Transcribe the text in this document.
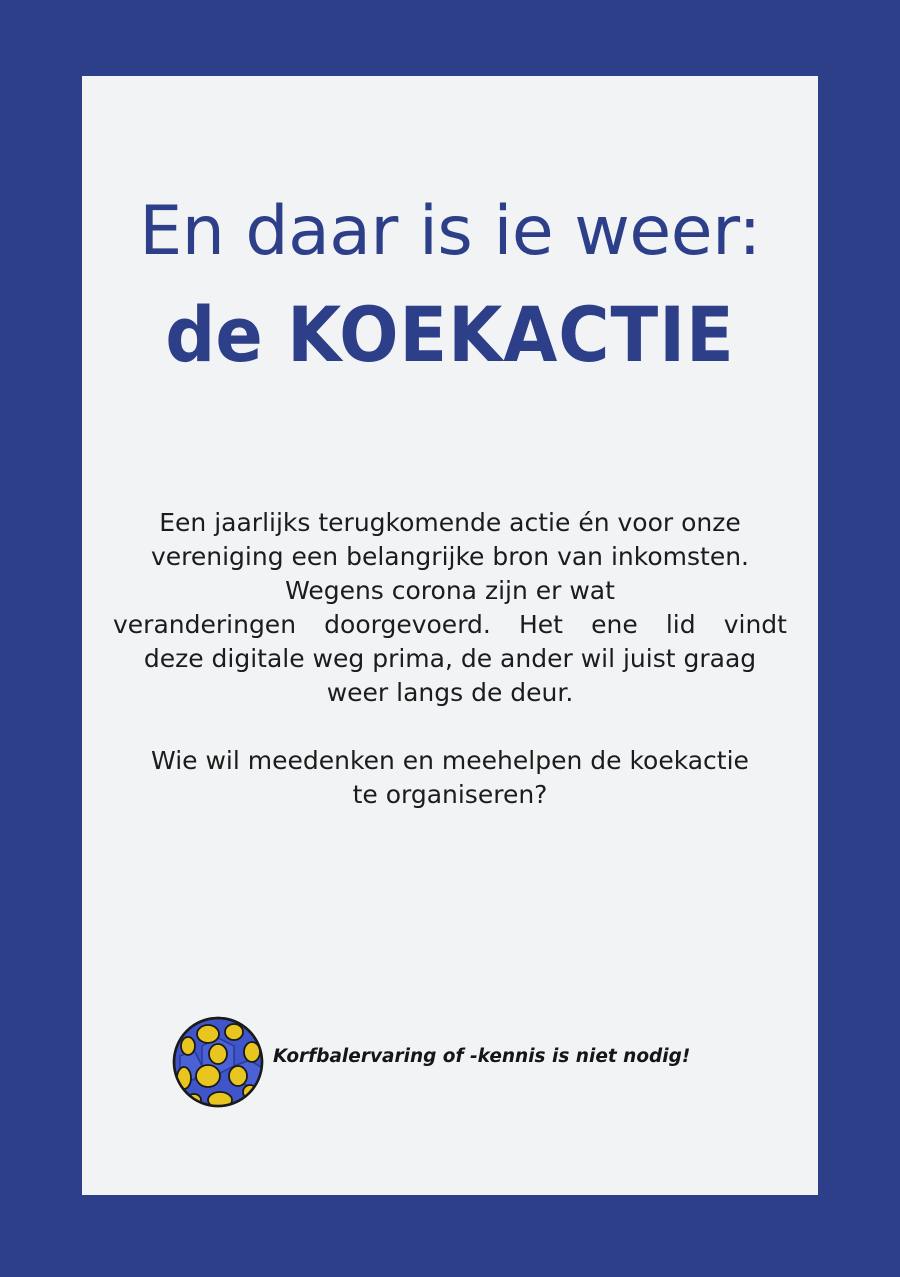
En daar is ie weer:
de KOEKACTIE
Een jaarlijks terugkomende actie én voor onze
vereniging een belangrijke bron van inkomsten.
Wegens corona zijn er wat
veranderingen doorgevoerd. Het ene lid vindt
deze digitale weg prima, de ander wil juist graag
weer langs de deur.
Wie wil meedenken en meehelpen de koekactie
te organiseren?
Korfbalervaring of -kennis is niet nodig!
